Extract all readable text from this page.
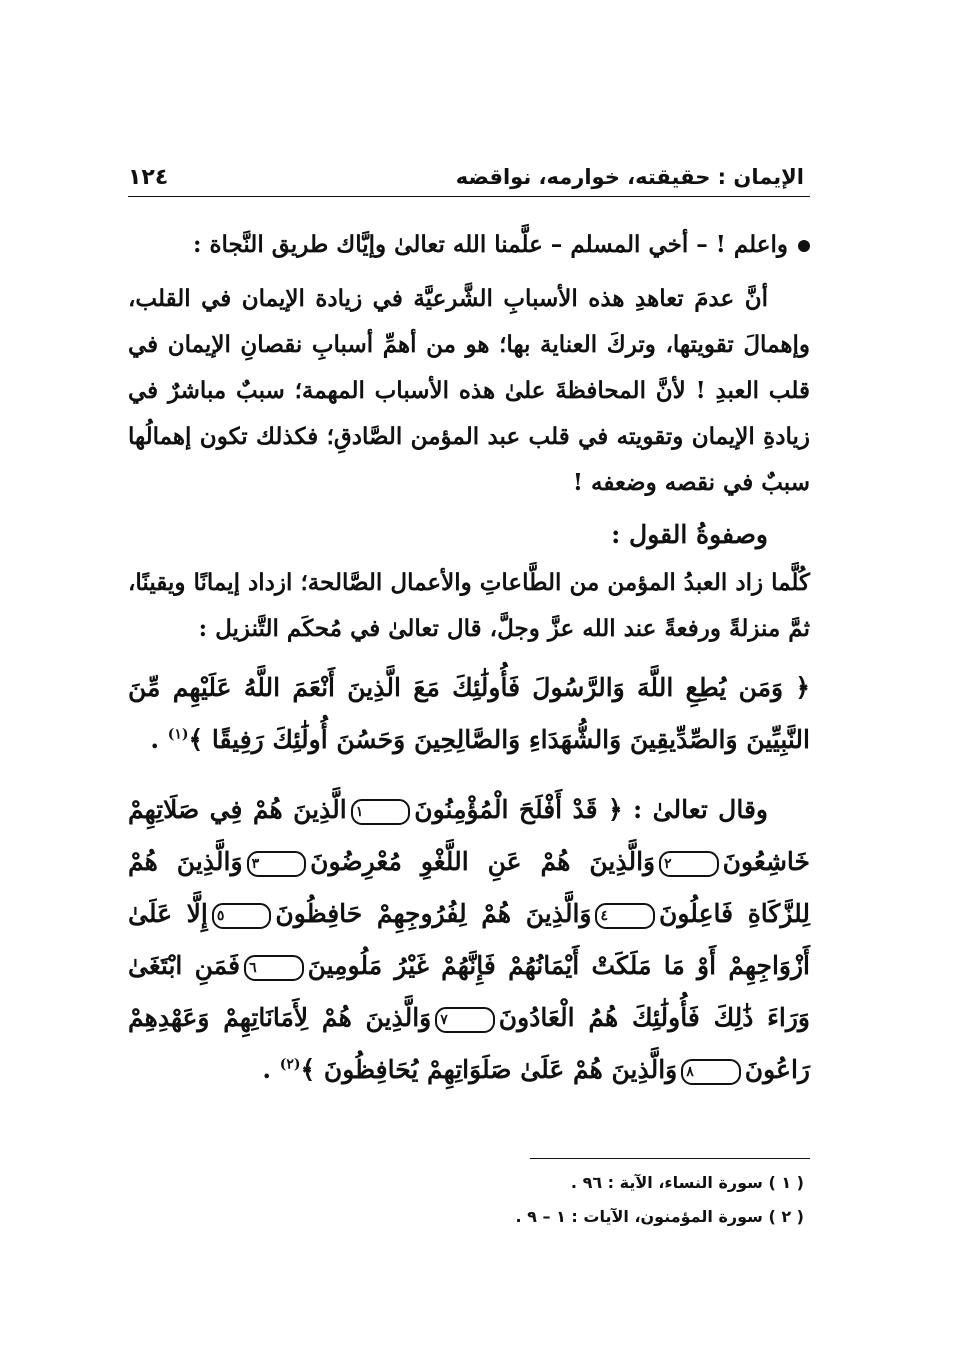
١٢٤	الإيمان : حقيقته، خوارمه، نواقضه

واعلم ! – أخي المسلم – علَّمنا الله تعالىٰ وإيَّاك طريق النَّجاة :

أنَّ عدمَ تعاهدِ هذه الأسبابِ الشَّرعيَّة في زيادة الإيمان في القلب، وإهمالَ تقويتها، وتركَ العناية بها؛ هو من أهمِّ أسبابِ نقصانِ الإيمان في قلب العبدِ ! لأنَّ المحافظةَ علىٰ هذه الأسباب المهمة؛ سببٌ مباشرٌ في زيادةِ الإيمان وتقويته في قلب عبد المؤمن الصَّادقِ؛ فكذلك تكون إهمالُها سببٌ في نقصه وضعفه !

وصفوةُ القول :

كُلَّما زاد العبدُ المؤمن من الطَّاعاتِ والأعمال الصَّالحة؛ ازداد إيمانًا ويقينًا، ثمَّ منزلةً ورفعةً عند الله عزَّ وجلَّ، قال تعالىٰ في مُحكَم التَّنزيل :

﴿ وَمَن يُطِعِ اللَّهَ وَالرَّسُولَ فَأُولَٰئِكَ مَعَ الَّذِينَ أَنْعَمَ اللَّهُ عَلَيْهِم مِّنَ النَّبِيِّينَ وَالصِّدِّيقِينَ وَالشُّهَدَاءِ وَالصَّالِحِينَ وَحَسُنَ أُولَٰئِكَ رَفِيقًا ﴾$^{(١)}$ .

وقال تعالىٰ : ﴿ قَدْ أَفْلَحَ الْمُؤْمِنُونَ١الَّذِينَ هُمْ فِي صَلَاتِهِمْ خَاشِعُونَ٢وَالَّذِينَ هُمْ عَنِ اللَّغْوِ مُعْرِضُونَ٣وَالَّذِينَ هُمْ لِلزَّكَاةِ فَاعِلُونَ٤وَالَّذِينَ هُمْ لِفُرُوجِهِمْ حَافِظُونَ٥إِلَّا عَلَىٰ أَزْوَاجِهِمْ أَوْ مَا مَلَكَتْ أَيْمَانُهُمْ فَإِنَّهُمْ غَيْرُ مَلُومِينَ٦فَمَنِ ابْتَغَىٰ وَرَاءَ ذَٰلِكَ فَأُولَٰئِكَ هُمُ الْعَادُونَ٧وَالَّذِينَ هُمْ لِأَمَانَاتِهِمْ وَعَهْدِهِمْ رَاعُونَ٨وَالَّذِينَ هُمْ عَلَىٰ صَلَوَاتِهِمْ يُحَافِظُونَ ﴾$^{(٢)}$ .

( ١ ) سورة النساء، الآية : ٩٦ .

( ٢ ) سورة المؤمنون، الآيات : ١ – ٩ .
